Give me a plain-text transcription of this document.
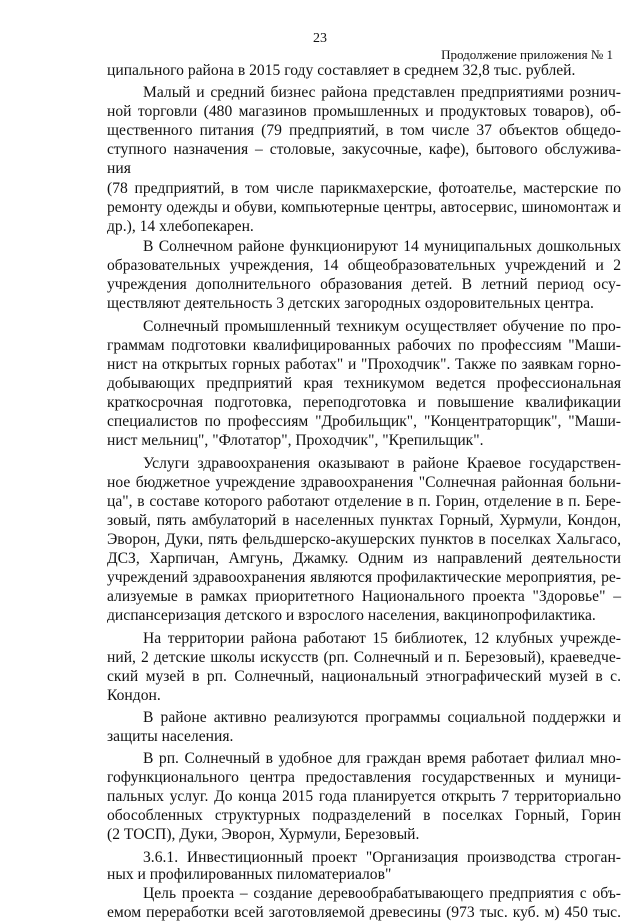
23
Продолжение приложения № 1
ципального района в 2015 году составляет в среднем 32,8 тыс. рублей.
Малый и средний бизнес района представлен предприятиями рознич-
ной торговли (480 магазинов промышленных и продуктовых товаров), об-
щественного питания (79 предприятий, в том числе 37 объектов общедо-
ступного назначения – столовые, закусочные, кафе), бытового обслужива-
ния
(78 предприятий, в том числе парикмахерские, фотоателье, мастерские по
ремонту одежды и обуви, компьютерные центры, автосервис, шиномонтаж и
др.), 14 хлебопекарен.
В Солнечном районе функционируют 14 муниципальных дошкольных
образовательных учреждения, 14 общеобразовательных учреждений и 2
учреждения дополнительного образования детей. В летний период осу-
ществляют деятельность 3 детских загородных оздоровительных центра.
Солнечный промышленный техникум осуществляет обучение по про-
граммам подготовки квалифицированных рабочих по профессиям "Маши-
нист на открытых горных работах" и "Проходчик". Также по заявкам горно-
добывающих предприятий края техникумом ведется профессиональная
краткосрочная подготовка, переподготовка и повышение квалификации
специалистов по профессиям "Дробильщик", "Концентраторщик", "Маши-
нист мельниц", "Флотатор", Проходчик", "Крепильщик".
Услуги здравоохранения оказывают в районе Краевое государствен-
ное бюджетное учреждение здравоохранения "Солнечная районная больни-
ца", в составе которого работают отделение в п. Горин, отделение в п. Бере-
зовый, пять амбулаторий в населенных пунктах Горный, Хурмули, Кондон,
Эворон, Дуки, пять фельдшерско-акушерских пунктов в поселках Хальгасо,
ДСЗ, Харпичан, Амгунь, Джамку. Одним из направлений деятельности
учреждений здравоохранения являются профилактические мероприятия, ре-
ализуемые в рамках приоритетного Национального проекта "Здоровье" –
диспансеризация детского и взрослого населения, вакцинопрофилактика.
На территории района работают 15 библиотек, 12 клубных учрежде-
ний, 2 детские школы искусств (рп. Солнечный и п. Березовый), краеведче-
ский музей в рп. Солнечный, национальный этнографический музей в с.
Кондон.
В районе активно реализуются программы социальной поддержки и
защиты населения.
В рп. Солнечный в удобное для граждан время работает филиал мно-
гофункционального центра предоставления государственных и муници-
пальных услуг. До конца 2015 года планируется открыть 7 территориально
обособленных структурных подразделений в поселках Горный, Горин
(2 ТОСП), Дуки, Эворон, Хурмули, Березовый.
3.6.1. Инвестиционный проект "Организация производства строган-
ных и профилированных пиломатериалов"
Цель проекта – создание деревообрабатывающего предприятия с объ-
емом переработки всей заготовляемой древесины (973 тыс. куб. м) 450 тыс.
